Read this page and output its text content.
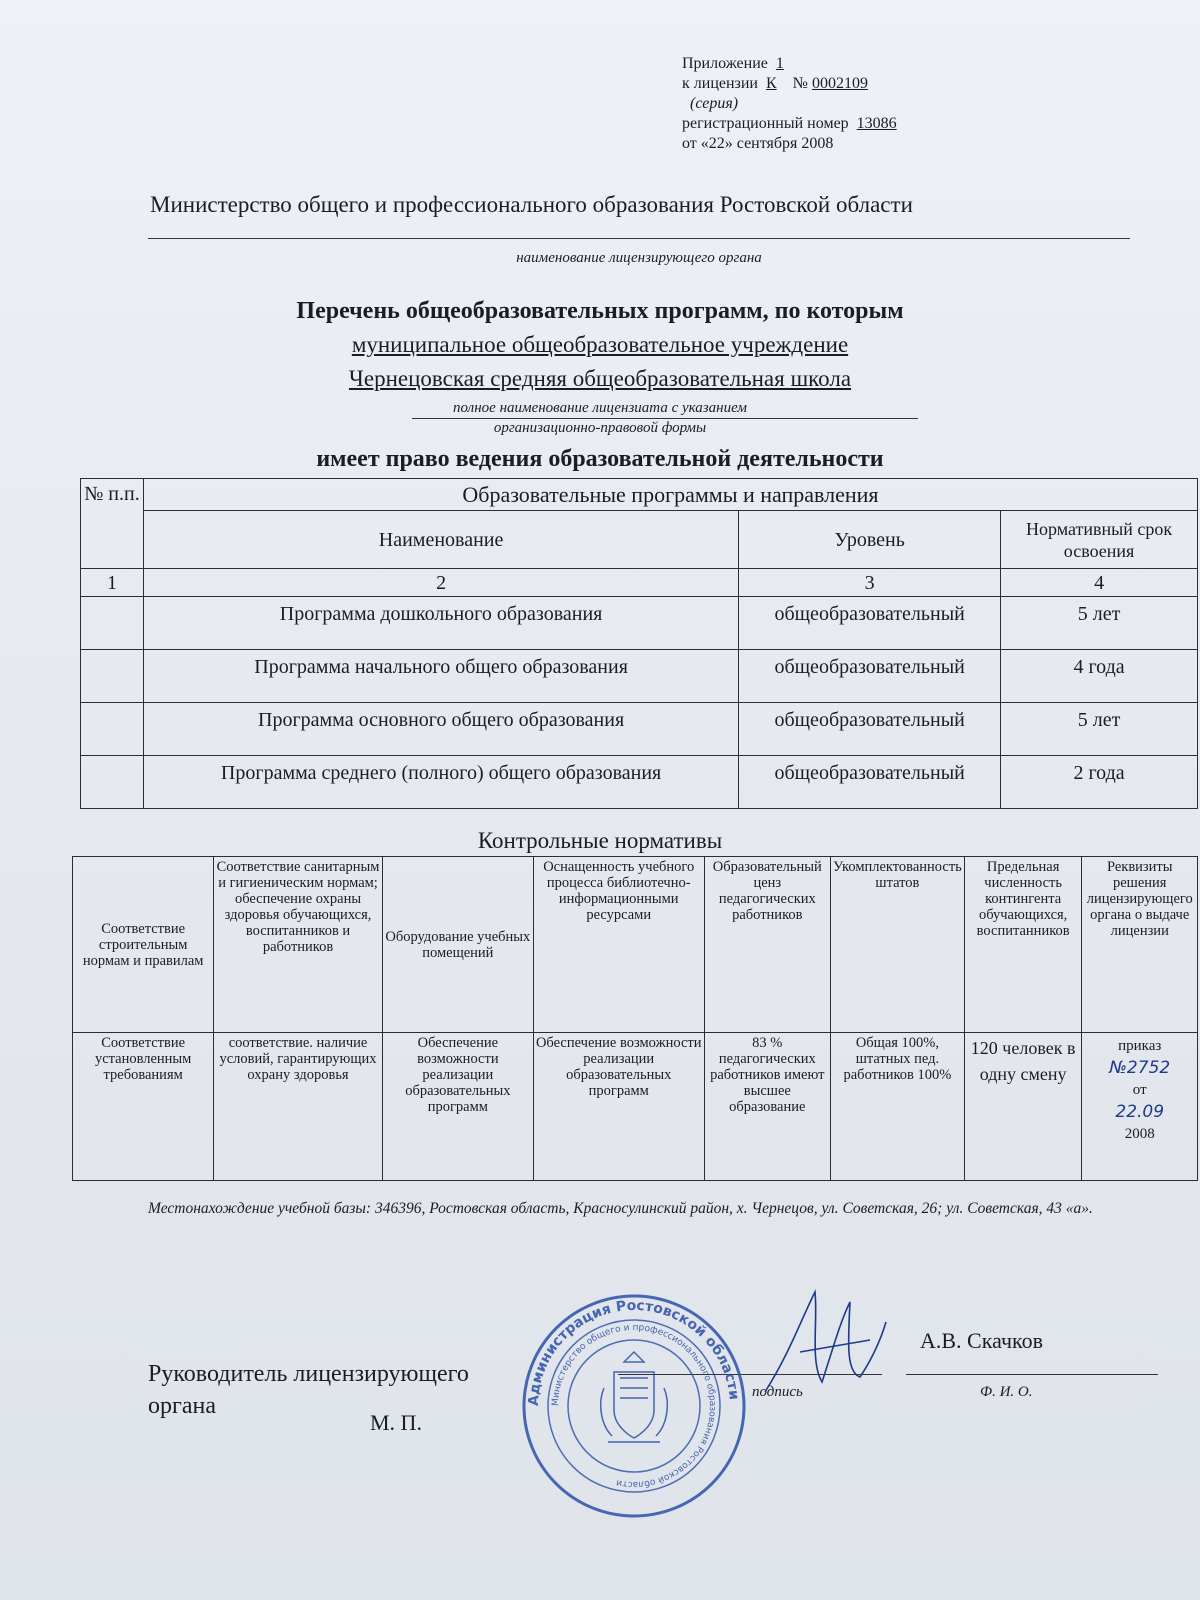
Приложение 1
к лицензии К № 0002109
(серия)
регистрационный номер 13086
от «22» сентября 2008
Министерство общего и профессионального образования Ростовской области
наименование лицензирующего органа
Перечень общеобразовательных программ, по которым
муниципальное общеобразовательное учреждение
Чернецовская средняя общеобразовательная школа
полное наименование лицензиата с указанием
организационно-правовой формы
имеет право ведения образовательной деятельности
№ п.п.	Образовательные программы и направления		
	Наименование	Уровень	Нормативный срок освоения
1	2	3	4
	Программа дошкольного образования	общеобразовательный	5 лет
	Программа начального общего образования	общеобразовательный	4 года
	Программа основного общего образования	общеобразовательный	5 лет
	Программа среднего (полного) общего образования	общеобразовательный	2 года
Контрольные нормативы
Соответствие строительным нормам и правилам	Соответствие санитарным и гигиеническим нормам; обеспечение охраны здоровья обучающихся, воспитанников и работников	Оборудование учебных помещений	Оснащенность учебного процесса библиотечно-информационными ресурсами	Образовательный ценз педагогических работников	Укомплектованность штатов	Предельная численность контингента обучающихся, воспитанников	Реквизиты решения лицензирующего органа о выдаче лицензии
Соответствие установленным требованиям	соответствие. наличие условий, гарантирующих охрану здоровья	Обеспечение возможности реализации образовательных программ	Обеспечение возможности реализации образовательных программ	83 % педагогических работников имеют высшее образование	Общая 100%, штатных пед. работников 100%	120 человек в одну смену	приказ
№2752
от
22.09
2008
Местонахождение учебной базы: 346396, Ростовская область, Красносулинский район, х. Чернецов, ул. Советская, 26; ул. Советская, 43 «а».
Руководитель лицензирующего
органа
М. П.
подпись
А.В. Скачков
Ф. И. О.
Администрация Ростовской области
Министерство общего и профессионального образования Ростовской области
